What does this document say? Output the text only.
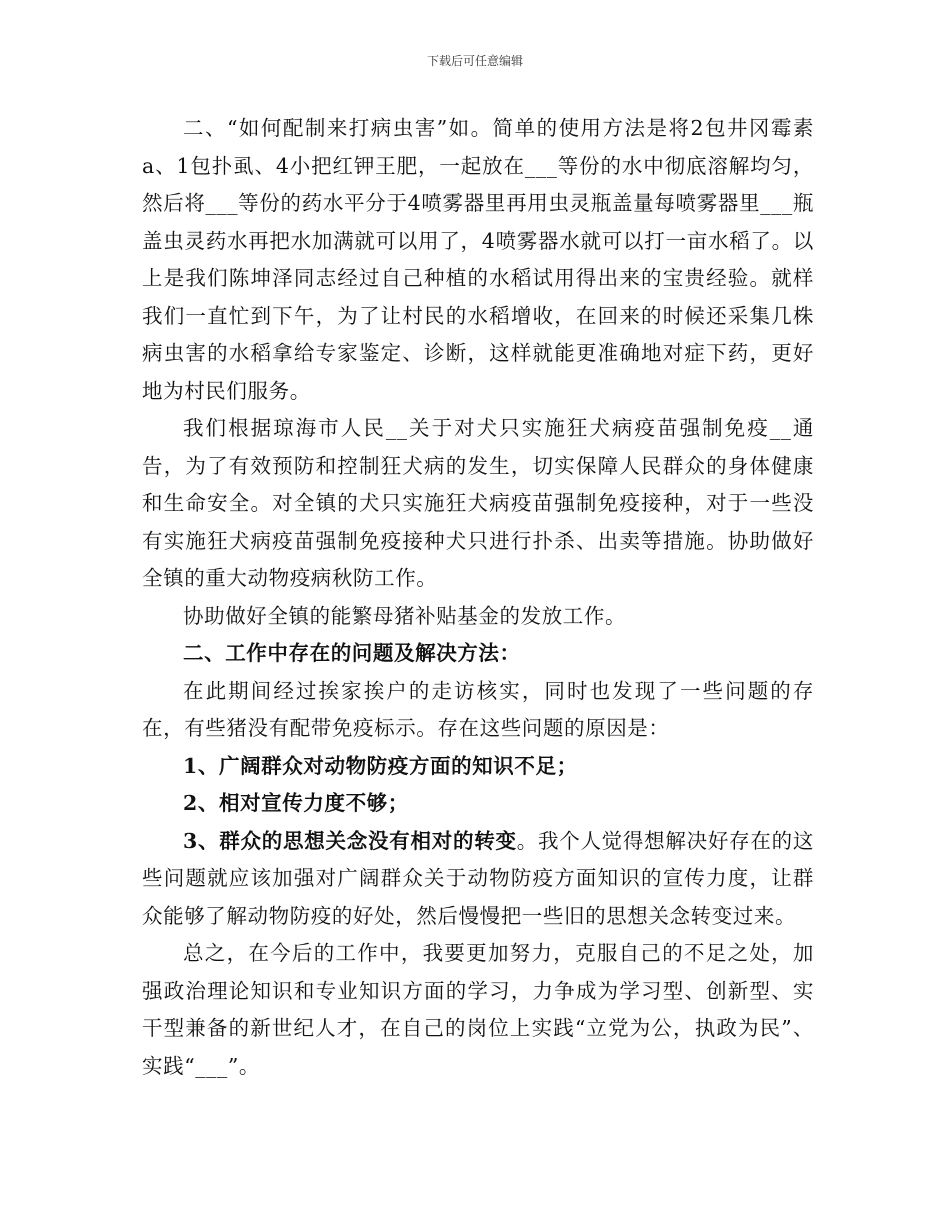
下载后可任意编辑

二、“如何配制来打病虫害”如。简单的使用方法是将2包井冈霉素a、1包扑虱、4小把红钾王肥，一起放在___等份的水中彻底溶解均匀，然后将___等份的药水平分于4喷雾器里再用虫灵瓶盖量每喷雾器里___瓶盖虫灵药水再把水加满就可以用了，4喷雾器水就可以打一亩水稻了。以上是我们陈坤泽同志经过自己种植的水稻试用得出来的宝贵经验。就样我们一直忙到下午，为了让村民的水稻增收，在回来的时候还采集几株病虫害的水稻拿给专家鉴定、诊断，这样就能更准确地对症下药，更好地为村民们服务。

我们根据琼海市人民__关于对犬只实施狂犬病疫苗强制免疫__通告，为了有效预防和控制狂犬病的发生，切实保障人民群众的身体健康和生命安全。对全镇的犬只实施狂犬病疫苗强制免疫接种，对于一些没有实施狂犬病疫苗强制免疫接种犬只进行扑杀、出卖等措施。协助做好全镇的重大动物疫病秋防工作。

协助做好全镇的能繁母猪补贴基金的发放工作。

二、工作中存在的问题及解决方法：

在此期间经过挨家挨户的走访核实，同时也发现了一些问题的存在，有些猪没有配带免疫标示。存在这些问题的原因是：

1、广阔群众对动物防疫方面的知识不足；

2、相对宣传力度不够；

3、群众的思想关念没有相对的转变。我个人觉得想解决好存在的这些问题就应该加强对广阔群众关于动物防疫方面知识的宣传力度，让群众能够了解动物防疫的好处，然后慢慢把一些旧的思想关念转变过来。

总之，在今后的工作中，我要更加努力，克服自己的不足之处，加强政治理论知识和专业知识方面的学习，力争成为学习型、创新型、实干型兼备的新世纪人才，在自己的岗位上实践“立党为公，执政为民”、实践“___”。
